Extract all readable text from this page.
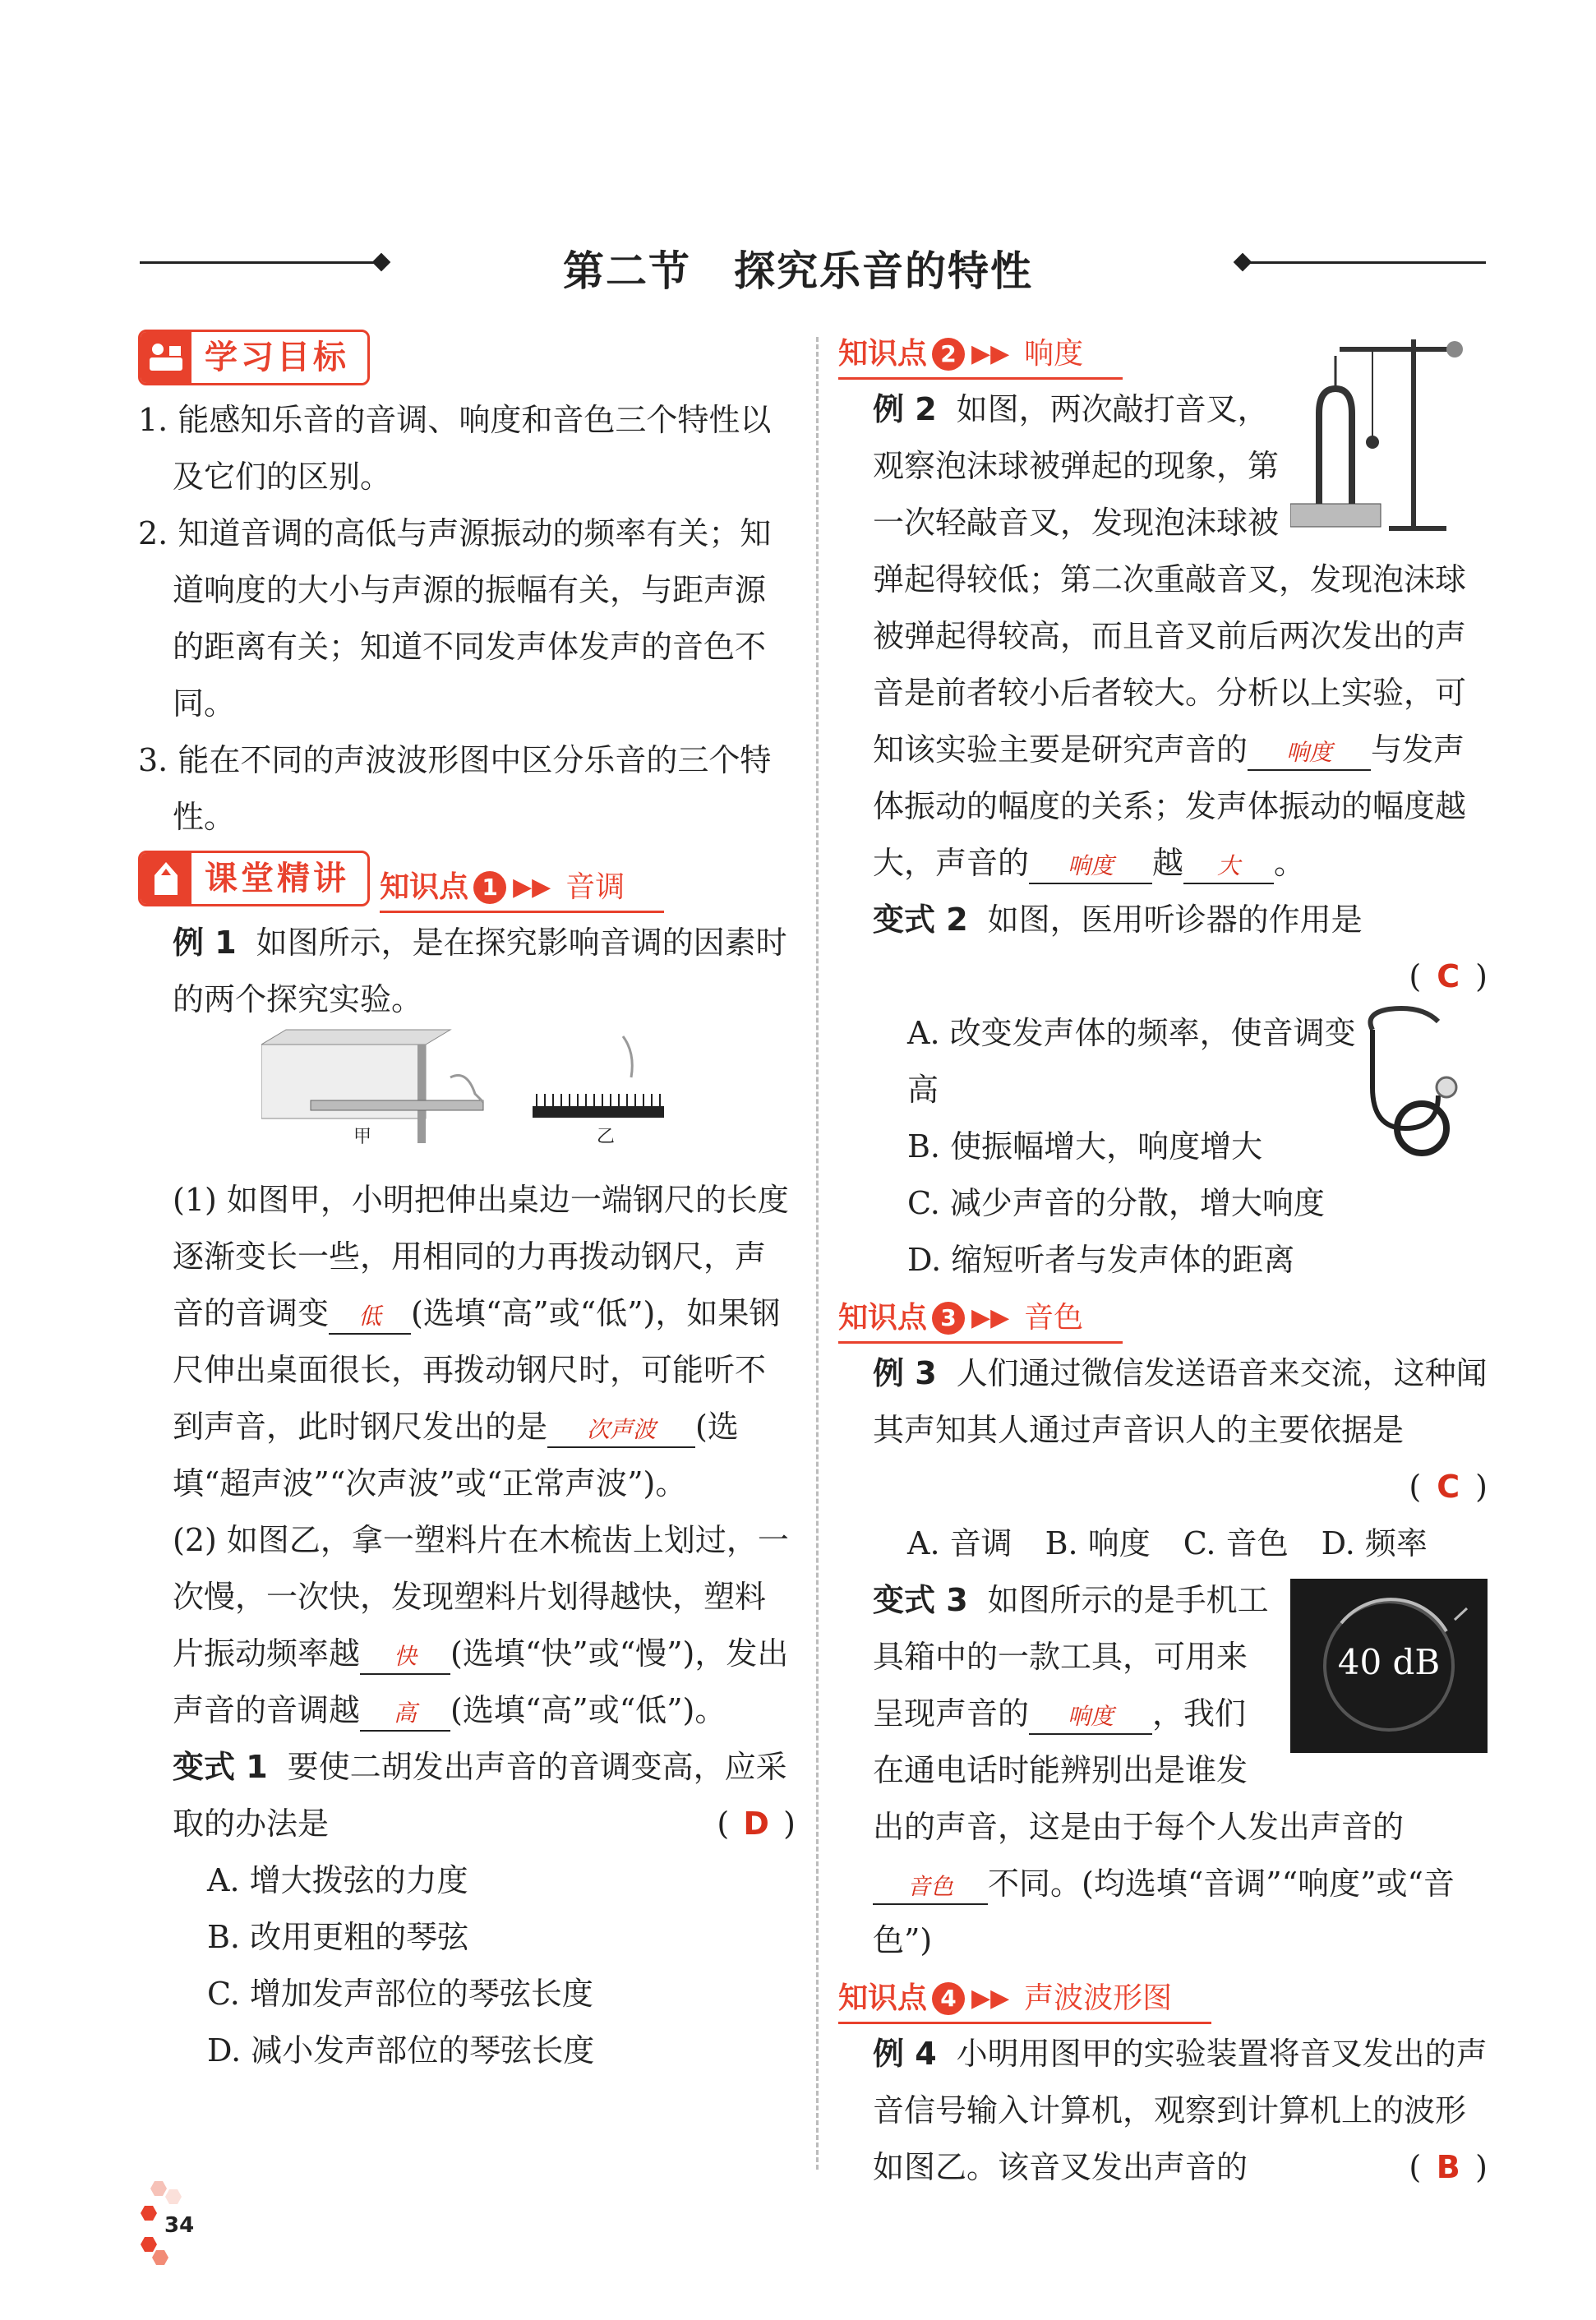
第二节　探究乐音的特性
学习目标

1. 能感知乐音的音调、响度和音色三个特性以及它们的区别。

2. 知道音调的高低与声源振动的频率有关；知道响度的大小与声源的振幅有关，与距声源的距离有关；知道不同发声体发声的音色不同。

3. 能在不同的声波波形图中区分乐音的三个特性。

课堂精讲
	知识点 1 ▶▶ 音调

例 1 如图所示，是在探究影响音调的因素时的两个探究实验。

甲	乙

(1) 如图甲，小明把伸出桌边一端钢尺的长度逐渐变长一些，用相同的力再拨动钢尺，声音的音调变 低 (选填“高”或“低”)，如果钢尺伸出桌面很长，再拨动钢尺时，可能听不到声音，此时钢尺发出的是 次声波 (选填“超声波”“次声波”或“正常声波”)。

(2) 如图乙，拿一塑料片在木梳齿上划过，一次慢，一次快，发现塑料片划得越快，塑料片振动频率越 快 (选填“快”或“慢”)，发出声音的音调越 高 (选填“高”或“低”)。

变式 1 要使二胡发出声音的音调变高，应采取的办法是	( D )

A. 增大拨弦的力度

B. 改用更粗的琴弦

C. 增加发声部位的琴弦长度

D. 减小发声部位的琴弦长度

知识点 2 ▶▶ 响度

例 2 如图，两次敲打音叉，观察泡沫球被弹起的现象，第一次轻敲音叉，发现泡沫球被弹起得较低；第二次重敲音叉，发现泡沫球被弹起得较高，而且音叉前后两次发出的声音是前者较小后者较大。分析以上实验，可知该实验主要是研究声音的 响度 与发声体振动的幅度的关系；发声体振动的幅度越大，声音的 响度 越 大 。

变式 2 如图，医用听诊器的作用是

( C )

A. 改变发声体的频率，使音调变高

B. 使振幅增大，响度增大

C. 减少声音的分散，增大响度

D. 缩短听者与发声体的距离

知识点 3 ▶▶ 音色

例 3 人们通过微信发送语音来交流，这种闻其声知其人通过声音识人的主要依据是

( C )

A. 音调 B. 响度 C. 音色 D. 频率

40 dB

变式 3 如图所示的是手机工具箱中的一款工具，可用来呈现声音的 响度 ，我们在通电话时能辨别出是谁发出的声音，这是由于每个人发出声音的音色 不同。(均选填“音调”“响度”或“音色”)

知识点 4 ▶▶ 声波波形图

例 4 小明用图甲的实验装置将音叉发出的声音信号输入计算机，观察到计算机上的波形如图乙。该音叉发出声音的	( B )

34
